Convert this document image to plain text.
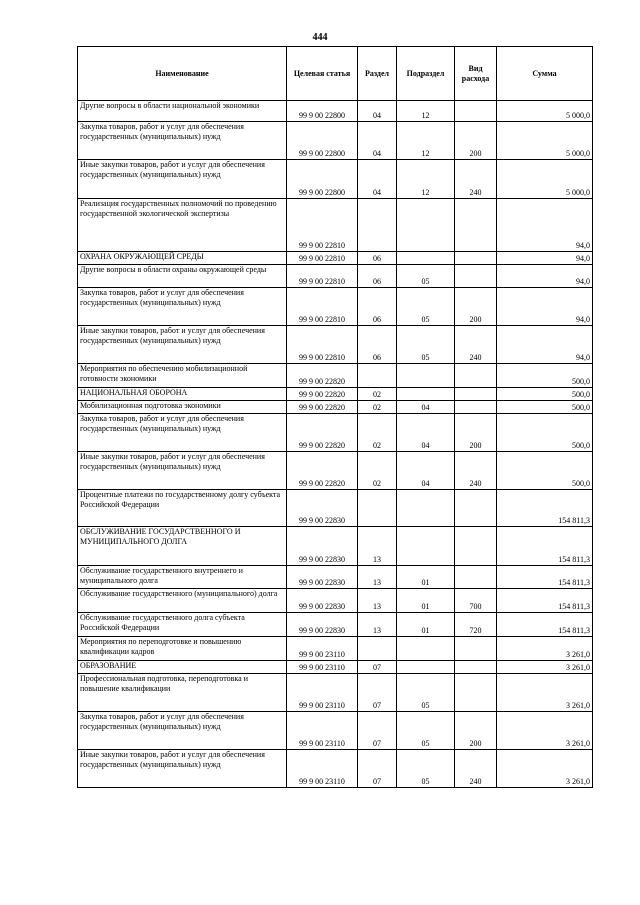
444
Наименование	Целевая статья	Раздел	Подраздел	Вид расхода	Сумма
Другие вопросы в области национальной экономики	99 9 00 22800	04	12		5 000,0
Закупка товаров, работ и услуг для обеспечения государственных (муниципальных) нужд	99 9 00 22800	04	12	200	5 000,0
Иные закупки товаров, работ и услуг для обеспечения государственных (муниципальных) нужд	99 9 00 22800	04	12	240	5 000,0
Реализация государственных полномочий по проведению государственной экологической экспертизы	99 9 00 22810				94,0
ОХРАНА ОКРУЖАЮЩЕЙ СРЕДЫ	99 9 00 22810	06			94,0
Другие вопросы в области охраны окружающей среды	99 9 00 22810	06	05		94,0
Закупка товаров, работ и услуг для обеспечения государственных (муниципальных) нужд	99 9 00 22810	06	05	200	94,0
Иные закупки товаров, работ и услуг для обеспечения государственных (муниципальных) нужд	99 9 00 22810	06	05	240	94,0
Мероприятия по обеспечению мобилизационной готовности экономики	99 9 00 22820				500,0
НАЦИОНАЛЬНАЯ ОБОРОНА	99 9 00 22820	02			500,0
Мобилизационная подготовка экономики	99 9 00 22820	02	04		500,0
Закупка товаров, работ и услуг для обеспечения государственных (муниципальных) нужд	99 9 00 22820	02	04	200	500,0
Иные закупки товаров, работ и услуг для обеспечения государственных (муниципальных) нужд	99 9 00 22820	02	04	240	500,0
Процентные платежи по государственному долгу субъекта Российской Федерации	99 9 00 22830				154 811,3
ОБСЛУЖИВАНИЕ ГОСУДАРСТВЕННОГО И МУНИЦИПАЛЬНОГО ДОЛГА	99 9 00 22830	13			154 811,3
Обслуживание государственного внутреннего и муниципального долга	99 9 00 22830	13	01		154 811,3
Обслуживание государственного (муниципального) долга	99 9 00 22830	13	01	700	154 811,3
Обслуживание государственного долга субъекта Российской Федерации	99 9 00 22830	13	01	720	154 811,3
Мероприятия по переподготовке и повышению квалификации кадров	99 9 00 23110				3 261,0
ОБРАЗОВАНИЕ	99 9 00 23110	07			3 261,0
Профессиональная подготовка, переподготовка и повышение квалификации	99 9 00 23110	07	05		3 261,0
Закупка товаров, работ и услуг для обеспечения государственных (муниципальных) нужд	99 9 00 23110	07	05	200	3 261,0
Иные закупки товаров, работ и услуг для обеспечения государственных (муниципальных) нужд	99 9 00 23110	07	05	240	3 261,0
